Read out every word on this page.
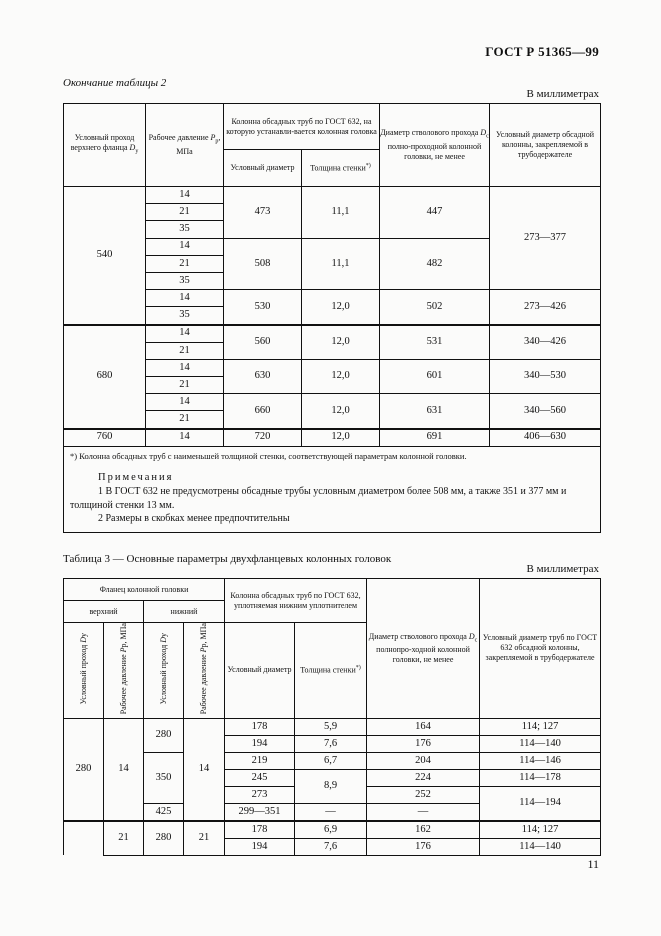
ГОСТ Р 51365—99
Окончание таблицы 2
В миллиметрах
Условный проход верхнего фланца $D_у$	Рабочее давление $P_р$, МПа	Колонна обсадных труб по ГОСТ 632, на которую устанавли-вается колонная головка		Диаметр стволового прохода $D_с$ полно-проходной колонной головки, не менее	Условный диаметр обсадной колонны, закрепляемой в трубодержателе
		Условный диаметр	Толщина стенки*)
540	14	473	11,1	447	273—377
	21				
	35				
	14	508	11,1	482	
	21				
	35				
	14	530	12,0	502	273—426
	35				
680	14	560	12,0	531	340—426
	21				
	14	630	12,0	601	340—530
	21				
	14	660	12,0	631	340—560
	21				
760	14	720	12,0	691	406—630

*) Колонна обсадных труб с наименьшей толщиной стенки, соответствующей параметрам колонной головки.

Примечания

1 В ГОСТ 632 не предусмотрены обсадные трубы условным диаметром более 508 мм, а также 351 и 377 мм и толщиной стенки 13 мм.

2 Размеры в скобках менее предпочтительны					

Таблица 3 — Основные параметры двухфланцевых колонных головок
В миллиметрах
Фланец колонной головки				Колонна обсадных труб по ГОСТ 632, уплотняемая нижним уплотнителем		Диаметр стволового прохода $D_с$ полнопро-ходной колонной головки, не менее	Условный диаметр труб по ГОСТ 632 обсадной колонны, закрепляемой в трубодержателе
верхний		нижний					
Условный проход Dу	Рабочее давление Pр, МПа	Условный проход Dу	Рабочее давление Pр, МПа	Условный диаметр	Толщина стенки*)
280	14	280	14	178	5,9	164	114; 127
				194	7,6	176	114—140
		350		219	6,7	204	114—146
				245	8,9	224	114—178
				273		252	114—194
		425		299—351	—	—	
	21	280	21	178	6,9	162	114; 127
				194	7,6	176	114—140
11
